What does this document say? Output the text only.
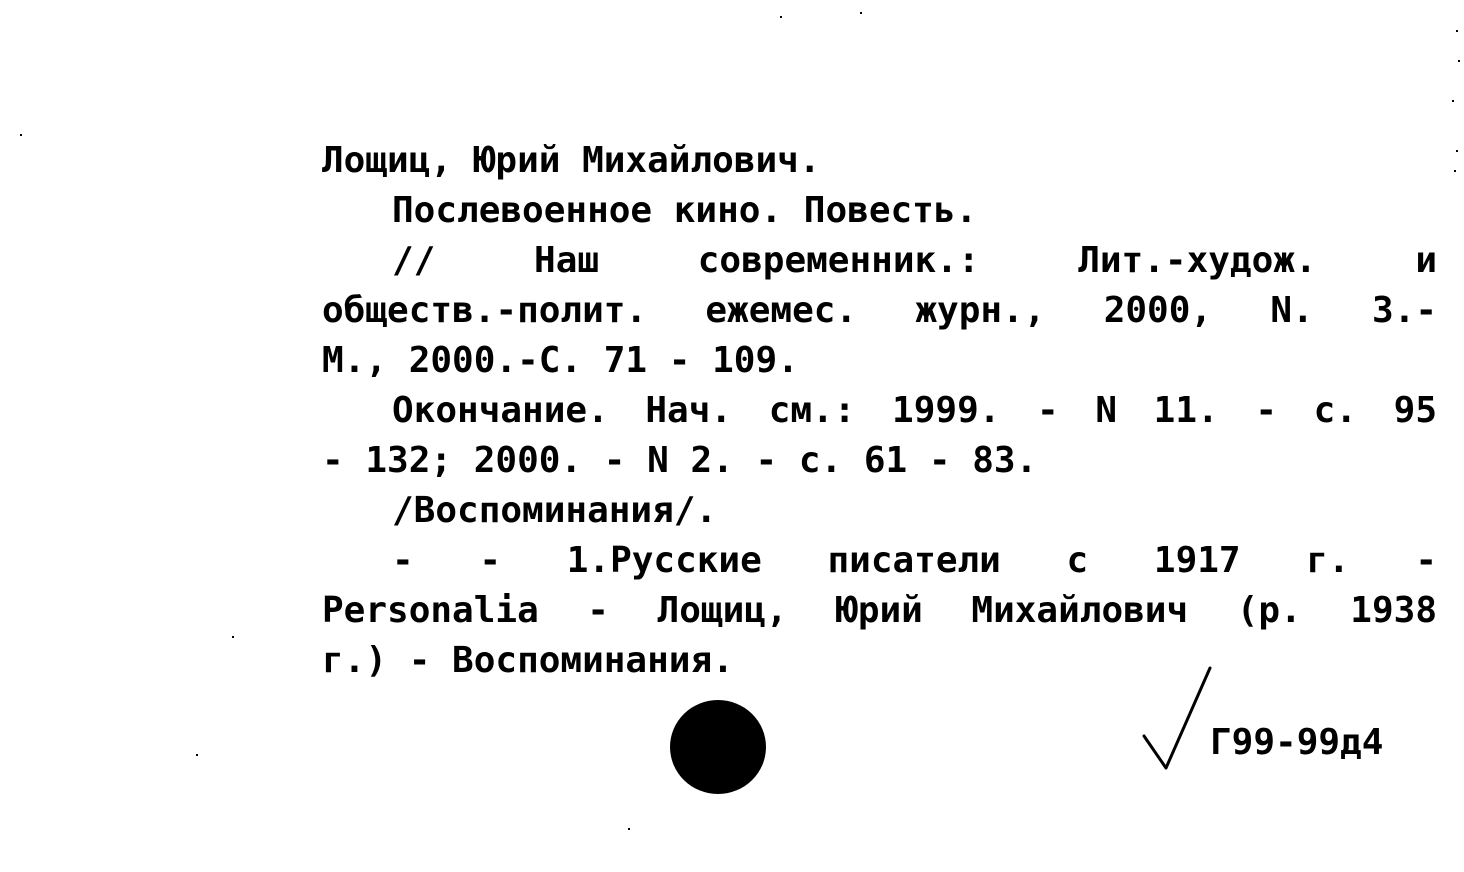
Лощиц, Юрий Михайлович.
Послевоенное кино. Повесть.
// Наш современник.: Лит.-худож. и
обществ.-полит. ежемес. журн., 2000, N. 3.-
М., 2000.-С. 71 - 109.
Окончание. Нач. см.: 1999. - N 11. - с. 95
- 132; 2000. - N 2. - с. 61 - 83.
/Воспоминания/.
- - 1.Русские писатели с 1917 г. -
Personalia - Лощиц, Юрий Михайлович (р. 1938
г.) - Воспоминания.
Г99-99д4
